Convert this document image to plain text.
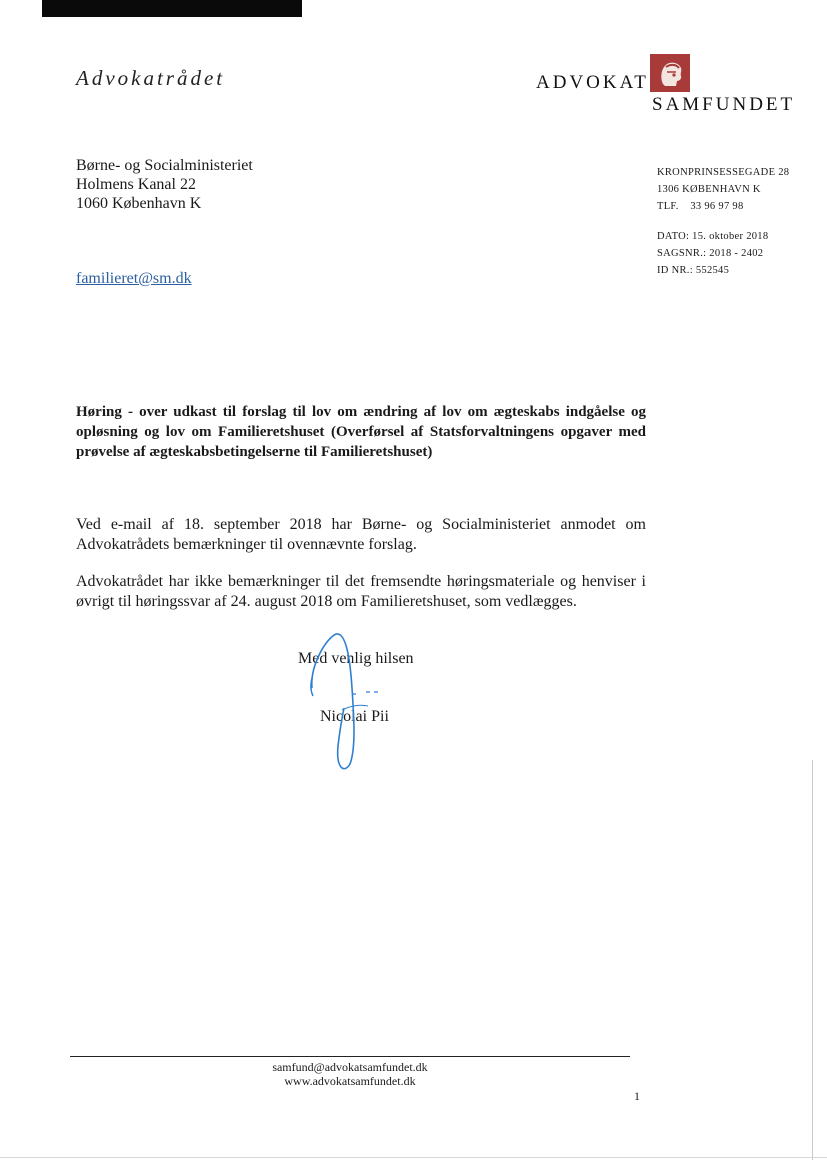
Advokatrådet	ADVOKAT
SAMFUNDET
Børne- og Socialministeriet
Holmens Kanal 22
1060 København K
familieret@sm.dk
KRONPRINSESSEGADE 28
1306 KØBENHAVN K
TLF.    33 96 97 98
DATO: 15. oktober 2018
SAGSNR.: 2018 - 2402
ID NR.: 552545
Høring - over udkast til forslag til lov om ændring af lov om ægteskabs indgåelse og opløsning og lov om Familieretshuset (Overførsel af Statsforvaltningens opgaver med prøvelse af ægteskabsbetingelserne til Familieretshuset)
Ved e-mail af 18. september 2018 har Børne- og Socialministeriet anmodet om Advokatrådets bemærkninger til ovennævnte forslag.
Advokatrådet har ikke bemærkninger til det fremsendte høringsmateriale og henviser i øvrigt til høringssvar af 24. august 2018 om Familieretshuset, som vedlægges.
Med venlig hilsen
Nicolai Pii
samfund@advokatsamfundet.dk
www.advokatsamfundet.dk
1
